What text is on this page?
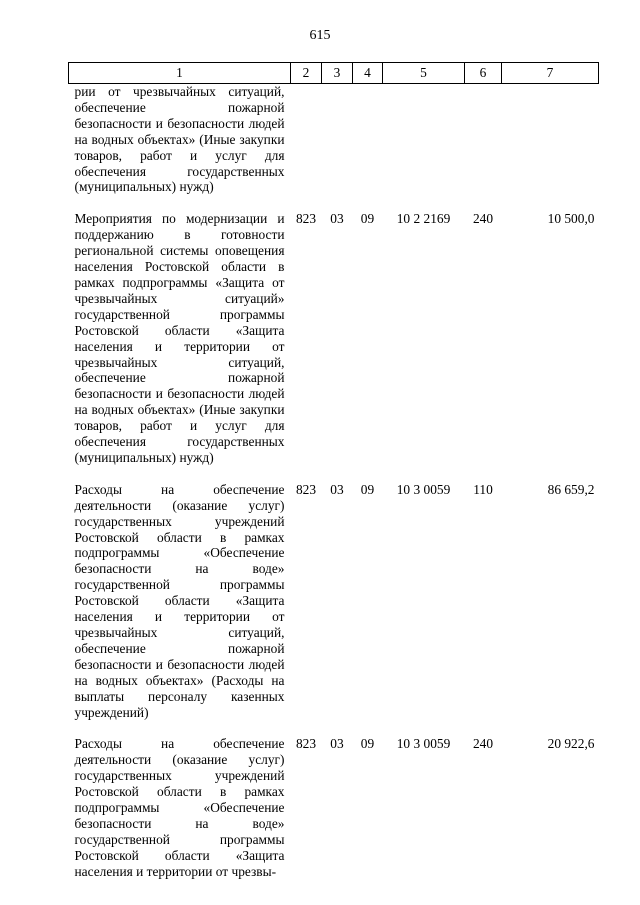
615
1	2	3	4	5	6	7
рии от чрезвычайных ситуаций, обеспечение пожарной безопасности и безопасности людей на водных объектах» (Иные закупки товаров, работ и услуг для обеспечения государственных (муниципальных) нужд)						
Мероприятия по модернизации и поддержанию в готовности региональной системы оповещения населения Ростовской области в рамках подпрограммы «Защита от чрезвычайных ситуаций» государственной программы Ростовской области «Защита населения и территории от чрезвычайных ситуаций, обеспечение пожарной безопасности и безопасности людей на водных объектах» (Иные закупки товаров, работ и услуг для обеспечения государственных (муниципальных) нужд)	823	03	09	10 2 2169	240	10 500,0
Расходы на обеспечение деятельности (оказание услуг) государственных учреждений Ростовской области в рамках подпрограммы «Обеспечение безопасности на воде» государственной программы Ростовской области «Защита населения и территории от чрезвычайных ситуаций, обеспечение пожарной безопасности и безопасности людей на водных объектах» (Расходы на выплаты персоналу казенных учреждений)	823	03	09	10 3 0059	110	86 659,2
Расходы на обеспечение деятельности (оказание услуг) государственных учреждений Ростовской области в рамках подпрограммы «Обеспечение безопасности на воде» государственной программы Ростовской области «Защита населения и территории от чрезвы-	823	03	09	10 3 0059	240	20 922,6
